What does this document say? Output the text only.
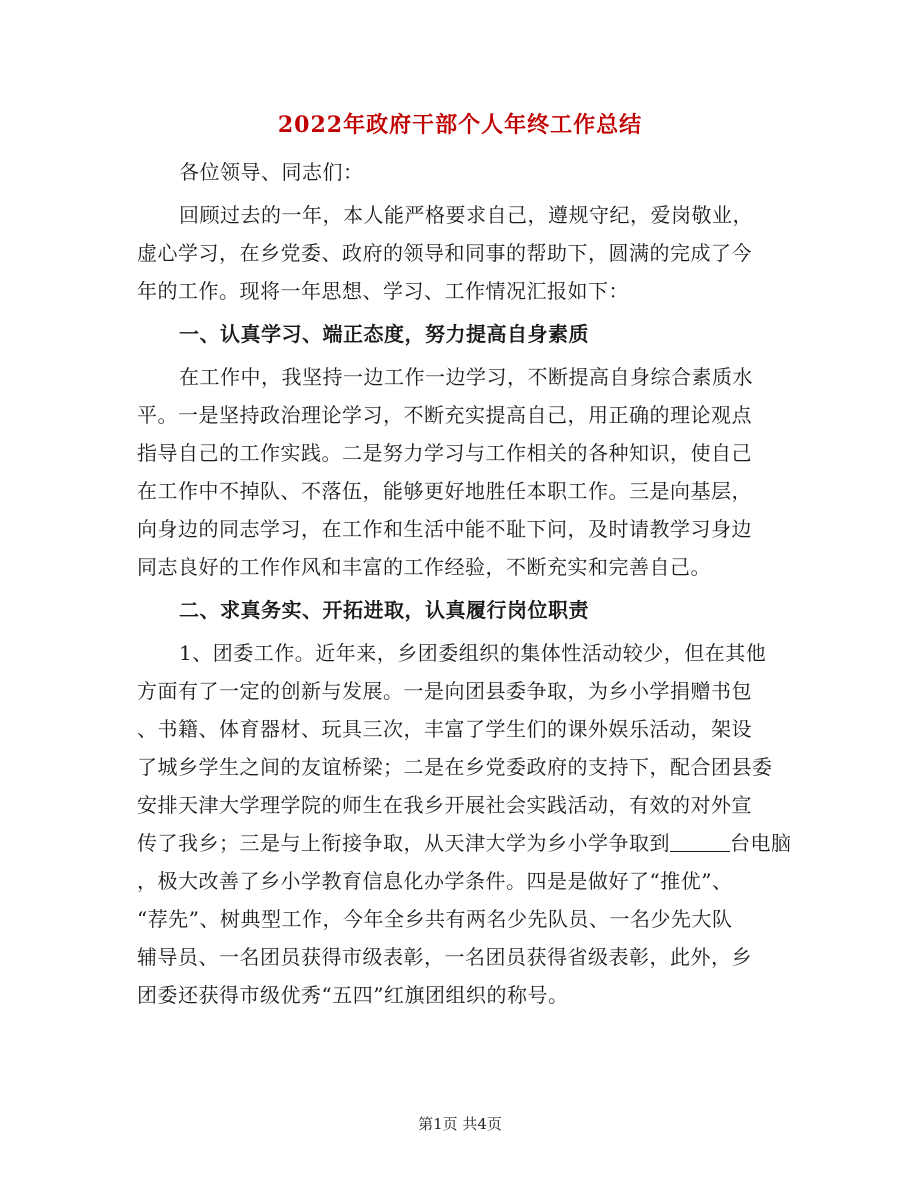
2022年政府干部个人年终工作总结
各位领导、同志们：
回顾过去的一年，本人能严格要求自己，遵规守纪，爱岗敬业，
虚心学习，在乡党委、政府的领导和同事的帮助下，圆满的完成了今
年的工作。现将一年思想、学习、工作情况汇报如下：
一、认真学习、端正态度，努力提高自身素质
在工作中，我坚持一边工作一边学习，不断提高自身综合素质水
平。一是坚持政治理论学习，不断充实提高自己，用正确的理论观点
指导自己的工作实践。二是努力学习与工作相关的各种知识，使自己
在工作中不掉队、不落伍，能够更好地胜任本职工作。三是向基层，
向身边的同志学习，在工作和生活中能不耻下问，及时请教学习身边
同志良好的工作作风和丰富的工作经验，不断充实和完善自己。
二、求真务实、开拓进取，认真履行岗位职责
1、团委工作。近年来，乡团委组织的集体性活动较少，但在其他
方面有了一定的创新与发展。一是向团县委争取，为乡小学捐赠书包
、书籍、体育器材、玩具三次，丰富了学生们的课外娱乐活动，架设
了城乡学生之间的友谊桥梁；二是在乡党委政府的支持下，配合团县委
安排天津大学理学院的师生在我乡开展社会实践活动，有效的对外宣
传了我乡；三是与上衔接争取，从天津大学为乡小学争取到	台电脑
，极大改善了乡小学教育信息化办学条件。四是是做好了“推优”、
“荐先”、树典型工作，今年全乡共有两名少先队员、一名少先大队
辅导员、一名团员获得市级表彰，一名团员获得省级表彰，此外，乡
团委还获得市级优秀“五四”红旗团组织的称号。
第1页 共4页
